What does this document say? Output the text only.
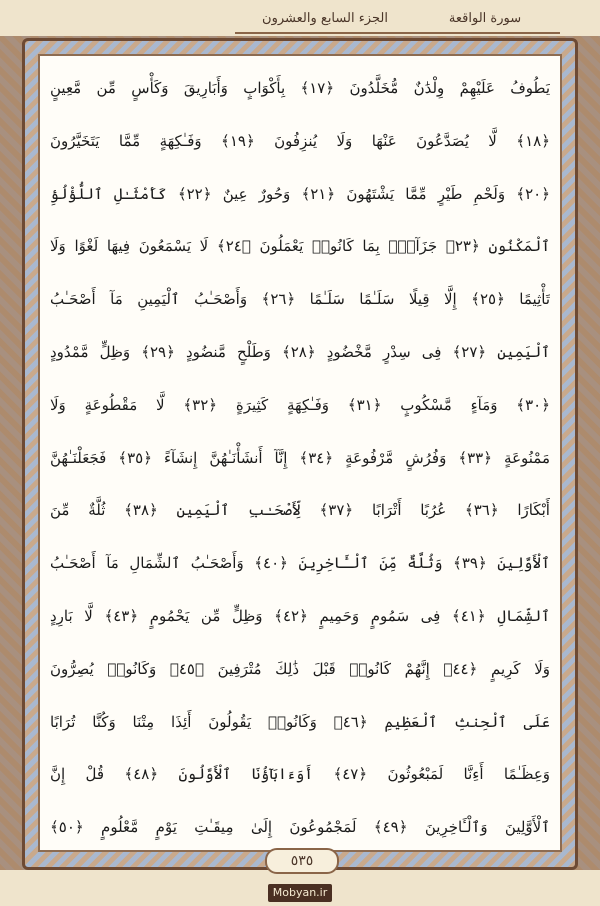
سورة الواقعة
الجزء السابع والعشرون
يَطُوفُ عَلَيْهِمْ وِلْدَٰنٌ مُّخَلَّدُونَ ﴿١٧﴾ بِأَكْوَابٍ وَأَبَارِيقَ وَكَأْسٍ مِّن مَّعِينٍ
﴿١٨﴾ لَّا يُصَدَّعُونَ عَنْهَا وَلَا يُنزِفُونَ ﴿١٩﴾ وَفَـٰكِهَةٍ مِّمَّا يَتَخَيَّرُونَ
﴿٢٠﴾ وَلَحْمِ طَيْرٍ مِّمَّا يَشْتَهُونَ ﴿٢١﴾ وَحُورٌ عِينٌ ﴿٢٢﴾ كَأَمْثَـٰلِ ٱللُّؤْلُؤِ
ٱلْمَكْنُونِ ﴿٢٣﴾ جَزَآءًۢ بِمَا كَانُوا۟ يَعْمَلُونَ ﴿٢٤﴾ لَا يَسْمَعُونَ فِيهَا لَغْوًا وَلَا
تَأْثِيمًا ﴿٢٥﴾ إِلَّا قِيلًا سَلَـٰمًا سَلَـٰمًا ﴿٢٦﴾ وَأَصْحَـٰبُ ٱلْيَمِينِ مَآ أَصْحَـٰبُ
ٱلْيَمِينِ ﴿٢٧﴾ فِى سِدْرٍ مَّخْضُودٍ ﴿٢٨﴾ وَطَلْحٍ مَّنضُودٍ ﴿٢٩﴾ وَظِلٍّ مَّمْدُودٍ
﴿٣٠﴾ وَمَآءٍ مَّسْكُوبٍ ﴿٣١﴾ وَفَـٰكِهَةٍ كَثِيرَةٍ ﴿٣٢﴾ لَّا مَقْطُوعَةٍ وَلَا
مَمْنُوعَةٍ ﴿٣٣﴾ وَفُرُشٍ مَّرْفُوعَةٍ ﴿٣٤﴾ إِنَّآ أَنشَأْنَـٰهُنَّ إِنشَآءً ﴿٣٥﴾ فَجَعَلْنَـٰهُنَّ
أَبْكَارًا ﴿٣٦﴾ عُرُبًا أَتْرَابًا ﴿٣٧﴾ لِّأَصْحَـٰبِ ٱلْيَمِينِ ﴿٣٨﴾ ثُلَّةٌ مِّنَ
ٱلْأَوَّلِينَ ﴿٣٩﴾ وَثُلَّةٌ مِّنَ ٱلْـَٔاخِرِينَ ﴿٤٠﴾ وَأَصْحَـٰبُ ٱلشِّمَالِ مَآ أَصْحَـٰبُ
ٱلشِّمَالِ ﴿٤١﴾ فِى سَمُومٍ وَحَمِيمٍ ﴿٤٢﴾ وَظِلٍّ مِّن يَحْمُومٍ ﴿٤٣﴾ لَّا بَارِدٍ
وَلَا كَرِيمٍ ﴿٤٤﴾ إِنَّهُمْ كَانُوا۟ قَبْلَ ذَٰلِكَ مُتْرَفِينَ ﴿٤٥﴾ وَكَانُوا۟ يُصِرُّونَ
عَلَى ٱلْحِنثِ ٱلْعَظِيمِ ﴿٤٦﴾ وَكَانُوا۟ يَقُولُونَ أَئِذَا مِتْنَا وَكُنَّا تُرَابًا
وَعِظَـٰمًا أَءِنَّا لَمَبْعُوثُونَ ﴿٤٧﴾ أَوَءَابَآؤُنَا ٱلْأَوَّلُونَ ﴿٤٨﴾ قُلْ إِنَّ
ٱلْأَوَّلِينَ وَٱلْـَٔاخِرِينَ ﴿٤٩﴾ لَمَجْمُوعُونَ إِلَىٰ مِيقَـٰتِ يَوْمٍ مَّعْلُومٍ ﴿٥٠﴾
٥٣٥
Mobyan.ir
